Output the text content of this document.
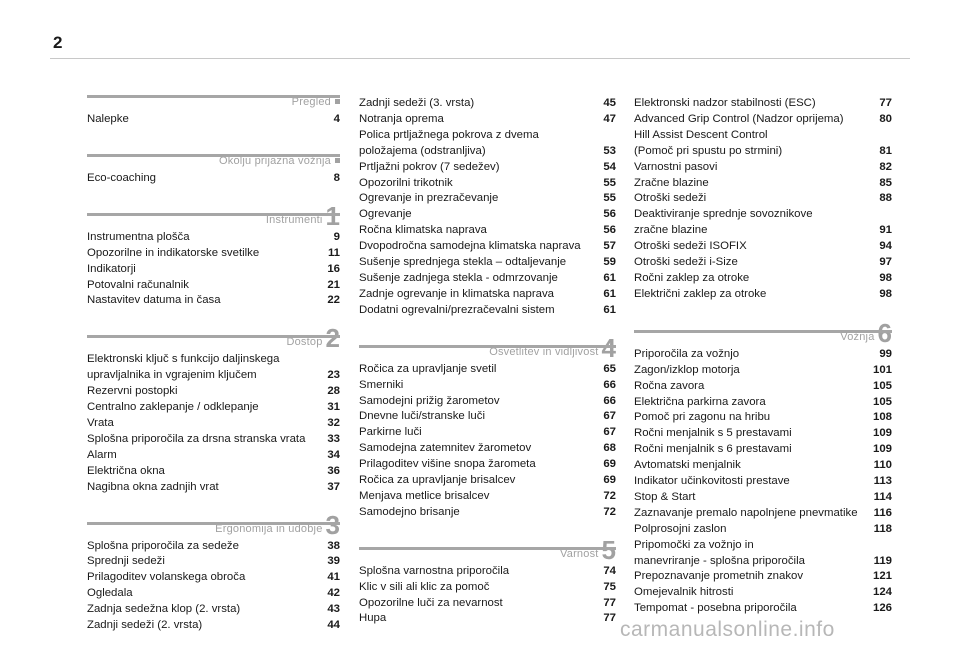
2
Pregled
Nalepke	4
Okolju prijazna vožnja
Eco-coaching	8
Instrumenti 1
Instrumentna plošča	9
Opozorilne in indikatorske svetilke	11
Indikatorji	16
Potovalni računalnik	21
Nastavitev datuma in časa	22
Dostop 2
Elektronski ključ s funkcijo daljinskega
upravljalnika in vgrajenim ključem	23
Rezervni postopki	28
Centralno zaklepanje / odklepanje	31
Vrata	32
Splošna priporočila za drsna stranska vrata	33
Alarm	34
Električna okna	36
Nagibna okna zadnjih vrat	37
Ergonomija in udobje 3
Splošna priporočila za sedeže	38
Sprednji sedeži	39
Prilagoditev volanskega obroča	41
Ogledala	42
Zadnja sedežna klop (2. vrsta)	43
Zadnji sedeži (2. vrsta)	44
Zadnji sedeži (3. vrsta)	45
Notranja oprema	47
Polica prtljažnega pokrova z dvema
položajema (odstranljiva)	53
Prtljažni pokrov (7 sedežev)	54
Opozorilni trikotnik	55
Ogrevanje in prezračevanje	55
Ogrevanje	56
Ročna klimatska naprava	56
Dvopodročna samodejna klimatska naprava	57
Sušenje sprednjega stekla – odtaljevanje	59
Sušenje zadnjega stekla - odmrzovanje	61
Zadnje ogrevanje in klimatska naprava	61
Dodatni ogrevalni/prezračevalni sistem	61
Osvetlitev in vidljivost 4
Ročica za upravljanje svetil	65
Smerniki	66
Samodejni prižig žarometov	66
Dnevne luči/stranske luči	67
Parkirne luči	67
Samodejna zatemnitev žarometov	68
Prilagoditev višine snopa žarometa	69
Ročica za upravljanje brisalcev	69
Menjava metlice brisalcev	72
Samodejno brisanje	72
Varnost 5
Splošna varnostna priporočila	74
Klic v sili ali klic za pomoč	75
Opozorilne luči za nevarnost	77
Hupa	77
Elektronski nadzor stabilnosti (ESC)	77
Advanced Grip Control (Nadzor oprijema)	80
Hill Assist Descent Control
(Pomoč pri spustu po strmini)	81
Varnostni pasovi	82
Zračne blazine	85
Otroški sedeži	88
Deaktiviranje sprednje sovoznikove
zračne blazine	91
Otroški sedeži ISOFIX	94
Otroški sedeži i-Size	97
Ročni zaklep za otroke	98
Električni zaklep za otroke	98
Vožnja 6
Priporočila za vožnjo	99
Zagon/izklop motorja	101
Ročna zavora	105
Električna parkirna zavora	105
Pomoč pri zagonu na hribu	108
Ročni menjalnik s 5 prestavami	109
Ročni menjalnik s 6 prestavami	109
Avtomatski menjalnik	110
Indikator učinkovitosti prestave	113
Stop & Start	114
Zaznavanje premalo napolnjene pnevmatike	116
Polprosojni zaslon	118
Pripomočki za vožnjo in
manevriranje - splošna priporočila	119
Prepoznavanje prometnih znakov	121
Omejevalnik hitrosti	124
Tempomat - posebna priporočila	126
carmanualsonline.info
